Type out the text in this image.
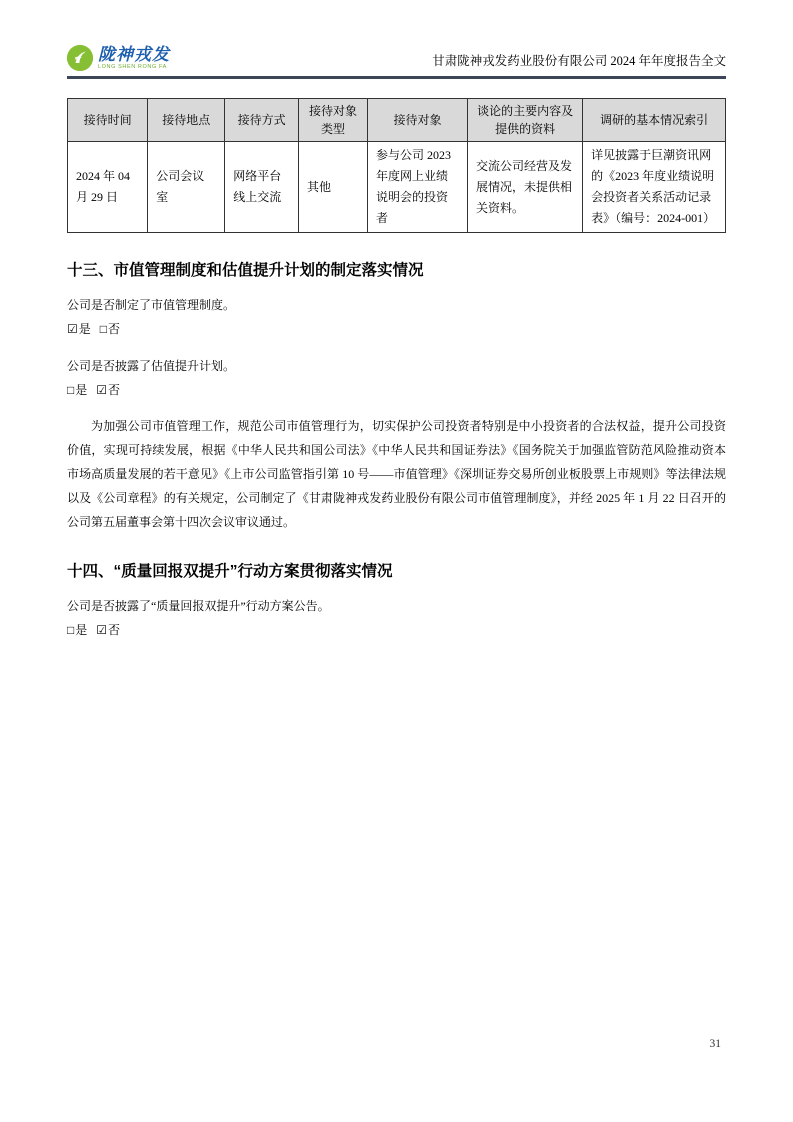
陇神戎发
LONG SHEN RONG FA	甘肃陇神戎发药业股份有限公司 2024 年年度报告全文
接待时间	接待地点	接待方式	接待对象类型	接待对象	谈论的主要内容及提供的资料	调研的基本情况索引
2024 年 04 月 29 日	公司会议室	网络平台线上交流	其他	参与公司 2023 年度网上业绩说明会的投资者	交流公司经营及发展情况，未提供相关资料。	详见披露于巨潮资讯网的《2023 年度业绩说明会投资者关系活动记录表》（编号：2024-001）
十三、市值管理制度和估值提升计划的制定落实情况
公司是否制定了市值管理制度。
☑是 □否
公司是否披露了估值提升计划。
□是 ☑否

为加强公司市值管理工作，规范公司市值管理行为，切实保护公司投资者特别是中小投资者的合法权益，提升公司投资价值，实现可持续发展，根据《中华人民共和国公司法》《中华人民共和国证券法》《国务院关于加强监管防范风险推动资本市场高质量发展的若干意见》《上市公司监管指引第 10 号——市值管理》《深圳证券交易所创业板股票上市规则》等法律法规以及《公司章程》的有关规定，公司制定了《甘肃陇神戎发药业股份有限公司市值管理制度》，并经 2025 年 1 月 22 日召开的公司第五届董事会第十四次会议审议通过。

十四、“质量回报双提升”行动方案贯彻落实情况
公司是否披露了“质量回报双提升”行动方案公告。
□是 ☑否
31
